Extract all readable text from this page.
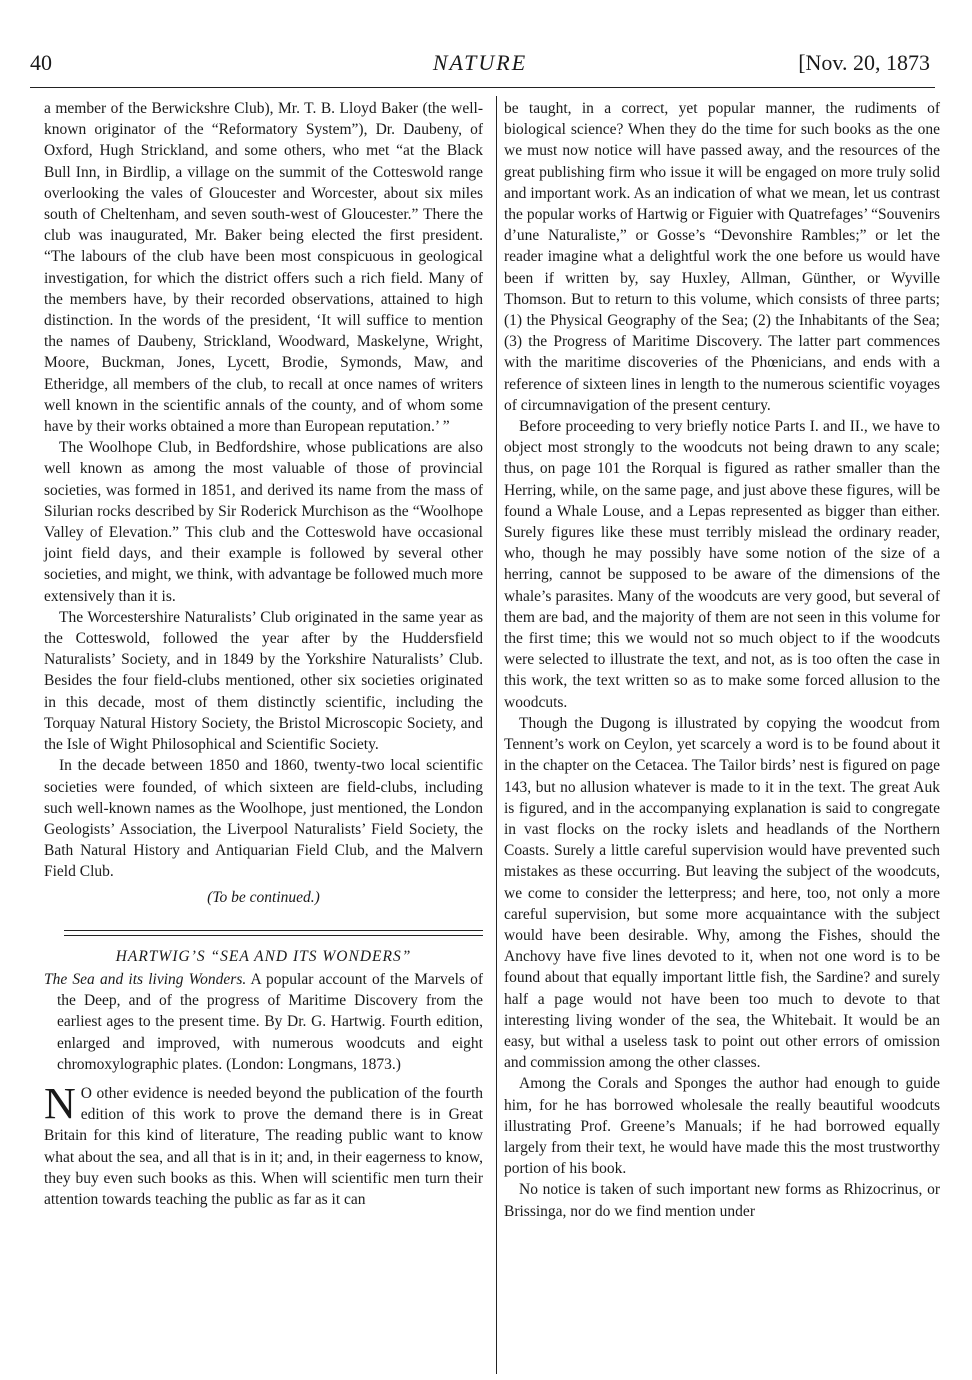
40	NATURE	[Nov. 20, 1873

a member of the Berwickshre Club), Mr. T. B. Lloyd Baker (the well-known originator of the “Reformatory System”), Dr. Daubeny, of Oxford, Hugh Strickland, and some others, who met “at the Black Bull Inn, in Birdlip, a village on the summit of the Cotteswold range overlooking the vales of Gloucester and Worcester, about six miles south of Cheltenham, and seven south-west of Gloucester.” There the club was inaugurated, Mr. Baker being elected the first president. “The labours of the club have been most conspicuous in geological investigation, for which the district offers such a rich field. Many of the members have, by their recorded observations, attained to high distinction. In the words of the president, ‘It will suffice to mention the names of Daubeny, Strickland, Woodward, Maskelyne, Wright, Moore, Buckman, Jones, Lycett, Brodie, Symonds, Maw, and Etheridge, all members of the club, to recall at once names of writers well known in the scientific annals of the county, and of whom some have by their works obtained a more than European reputation.’ ”

The Woolhope Club, in Bedfordshire, whose publications are also well known as among the most valuable of those of provincial societies, was formed in 1851, and derived its name from the mass of Silurian rocks described by Sir Roderick Murchison as the “Woolhope Valley of Elevation.” This club and the Cotteswold have occasional joint field days, and their example is followed by several other societies, and might, we think, with advantage be followed much more extensively than it is.

The Worcestershire Naturalists’ Club originated in the same year as the Cotteswold, followed the year after by the Huddersfield Naturalists’ Society, and in 1849 by the Yorkshire Naturalists’ Club. Besides the four field-clubs mentioned, other six societies originated in this decade, most of them distinctly scientific, including the Torquay Natural History Society, the Bristol Microscopic Society, and the Isle of Wight Philosophical and Scientific Society.

In the decade between 1850 and 1860, twenty-two local scientific societies were founded, of which sixteen are field-clubs, including such well-known names as the Woolhope, just mentioned, the London Geologists’ Association, the Liverpool Naturalists’ Field Society, the Bath Natural History and Antiquarian Field Club, and the Malvern Field Club.

(To be continued.)

HARTWIG’S “SEA AND ITS WONDERS”

The Sea and its living Wonders. A popular account of the Marvels of the Deep, and of the progress of Maritime Discovery from the earliest ages to the present time. By Dr. G. Hartwig. Fourth edition, enlarged and improved, with numerous woodcuts and eight chromoxylographic plates. (London: Longmans, 1873.)

N O other evidence is needed beyond the publication of the fourth edition of this work to prove the demand there is in Great Britain for this kind of literature, The reading public want to know what about the sea, and all that is in it; and, in their eagerness to know, they buy even such books as this. When will scientific men turn their attention towards teaching the public as far as it can

be taught, in a correct, yet popular manner, the rudiments of biological science? When they do the time for such books as the one we must now notice will have passed away, and the resources of the great publishing firm who issue it will be engaged on more truly solid and important work. As an indication of what we mean, let us contrast the popular works of Hartwig or Figuier with Quatrefages’ “Souvenirs d’une Naturaliste,” or Gosse’s “Devonshire Rambles;” or let the reader imagine what a delightful work the one before us would have been if written by, say Huxley, Allman, Günther, or Wyville Thomson. But to return to this volume, which consists of three parts; (1) the Physical Geography of the Sea; (2) the Inhabitants of the Sea; (3) the Progress of Maritime Discovery. The latter part commences with the maritime discoveries of the Phœnicians, and ends with a reference of sixteen lines in length to the numerous scientific voyages of circumnavigation of the present century.

Before proceeding to very briefly notice Parts I. and II., we have to object most strongly to the woodcuts not being drawn to any scale; thus, on page 101 the Rorqual is figured as rather smaller than the Herring, while, on the same page, and just above these figures, will be found a Whale Louse, and a Lepas represented as bigger than either. Surely figures like these must terribly mislead the ordinary reader, who, though he may possibly have some notion of the size of a herring, cannot be supposed to be aware of the dimensions of the whale’s parasites. Many of the woodcuts are very good, but several of them are bad, and the majority of them are not seen in this volume for the first time; this we would not so much object to if the woodcuts were selected to illustrate the text, and not, as is too often the case in this work, the text written so as to make some forced allusion to the woodcuts.

Though the Dugong is illustrated by copying the woodcut from Tennent’s work on Ceylon, yet scarcely a word is to be found about it in the chapter on the Cetacea. The Tailor birds’ nest is figured on page 143, but no allusion whatever is made to it in the text. The great Auk is figured, and in the accompanying explanation is said to congregate in vast flocks on the rocky islets and headlands of the Northern Coasts. Surely a little careful supervision would have prevented such mistakes as these occurring. But leaving the subject of the woodcuts, we come to consider the letterpress; and here, too, not only a more careful supervision, but some more acquaintance with the subject would have been desirable. Why, among the Fishes, should the Anchovy have five lines devoted to it, when not one word is to be found about that equally important little fish, the Sardine? and surely half a page would not have been too much to devote to that interesting living wonder of the sea, the Whitebait. It would be an easy, but withal a useless task to point out other errors of omission and commission among the other classes.

Among the Corals and Sponges the author had enough to guide him, for he has borrowed wholesale the really beautiful woodcuts illustrating Prof. Greene’s Manuals; if he had borrowed equally largely from their text, he would have made this the most trustworthy portion of his book.

No notice is taken of such important new forms as Rhizocrinus, or Brissinga, nor do we find mention under
